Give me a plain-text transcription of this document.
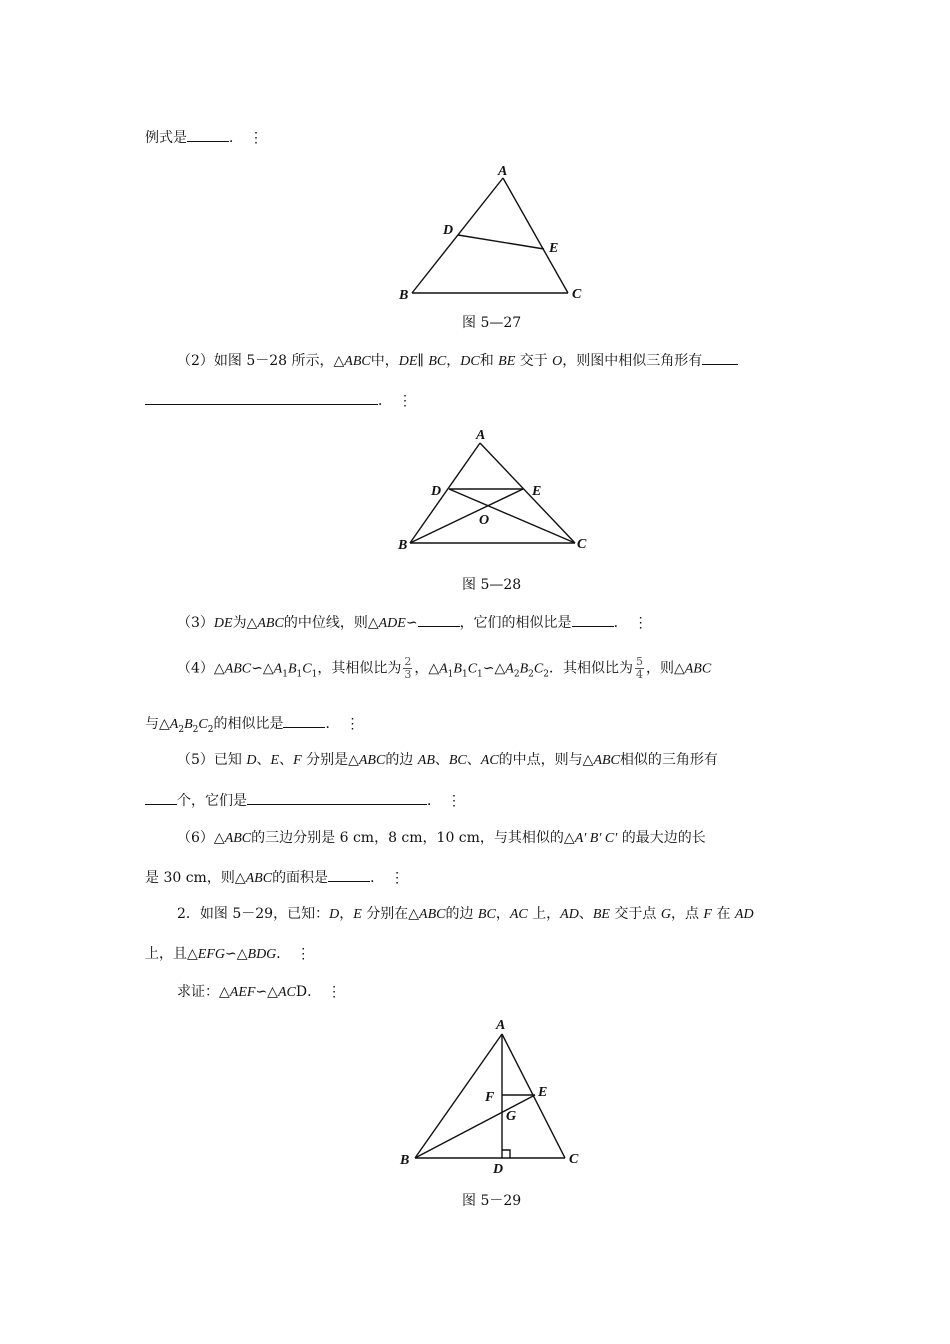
例式是	． ⋮
A
B	C
D
E
图 5—27
（2）如图 5－28 所示，△ABC中，DE∥ BC，DC和 BE 交于 O，则图中相似三角形有
． ⋮
A
B	C
D	E
O
图 5—28
（3）DE为△ABC的中位线，则△ADE∽	，它们的相似比是	． ⋮
$(4)\triangle ABC∽\triangle A_1B_1C_1$，其相似比为 $\frac{2}{3}$ ，$\triangle A_1B_1C_1∽\triangle A_2B_2C_2$．其相似比为 $\frac{5}{4}$ ，则△ABC
与$\triangle A_2B_2C_2$的相似比是	． ⋮
（5）已知 D、E、F 分别是△ABC的边 AB、BC、AC的中点，则与△ABC相似的三角形有
个，它们是	． ⋮
（6）△ABC的三边分别是 6 cm，8 cm，10 cm，与其相似的△A′ B′ C′ 的最大边的长
是 30 cm，则△ABC的面积是	． ⋮
2．如图 5－29，已知：D，E 分别在△ABC的边 BC，AC 上，AD、BE 交于点 G，点 F 在 AD
上，且△EFG∽△BDG． ⋮
求证：△AEF∽△ACD． ⋮
A
B	C
D
E
F
G
图 5－29
